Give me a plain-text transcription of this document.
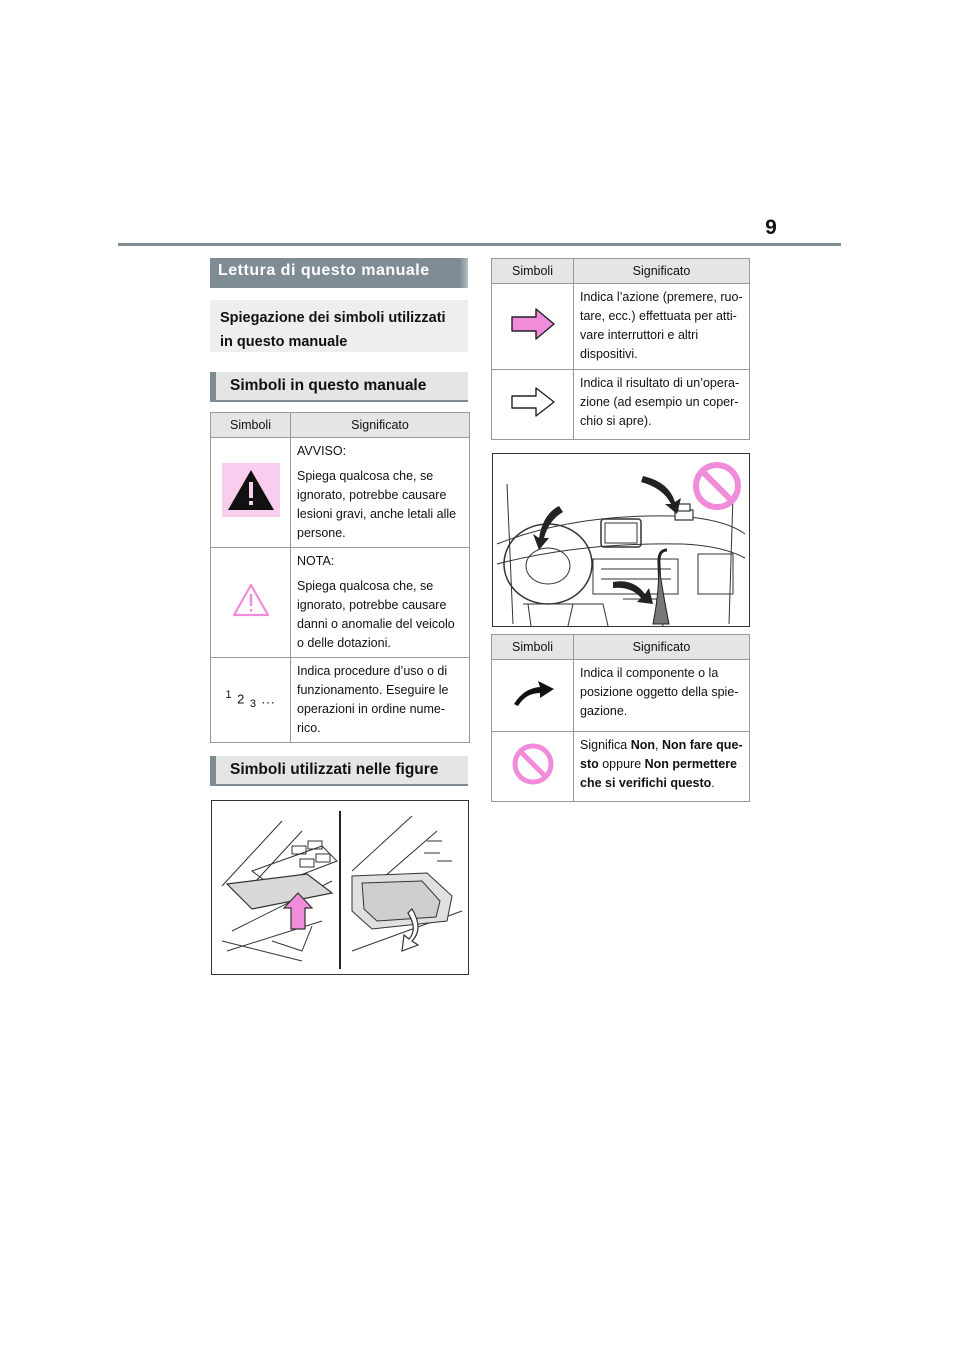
9
Lettura di questo manuale
Spiegazione dei simboli utilizzati in questo manuale
Simboli in questo manuale
Simboli	Significato

AVVISO:
Spiega qualcosa che, se ignorato, potrebbe causare lesioni gravi, anche letali alle persone.

NOTA:
Spiega qualcosa che, se ignorato, potrebbe causare danni o anomalie del veicolo o delle dotazioni.
$^1$ 2 $_3$ ...	Indica procedure d’uso o di funzionamento. Eseguire le operazioni in ordine nume-rico.
Simboli utilizzati nelle figure
Simboli	Significato
	Indica l’azione (premere, ruo-tare, ecc.) effettuata per atti-vare interruttori e altri dispositivi.
	Indica il risultato di un’opera-zione (ad esempio un coper-chio si apre).
Simboli	Significato
	Indica il componente o la posizione oggetto della spie-gazione.
	Significa Non, Non fare que-sto oppure Non permettere che si verifichi questo.
